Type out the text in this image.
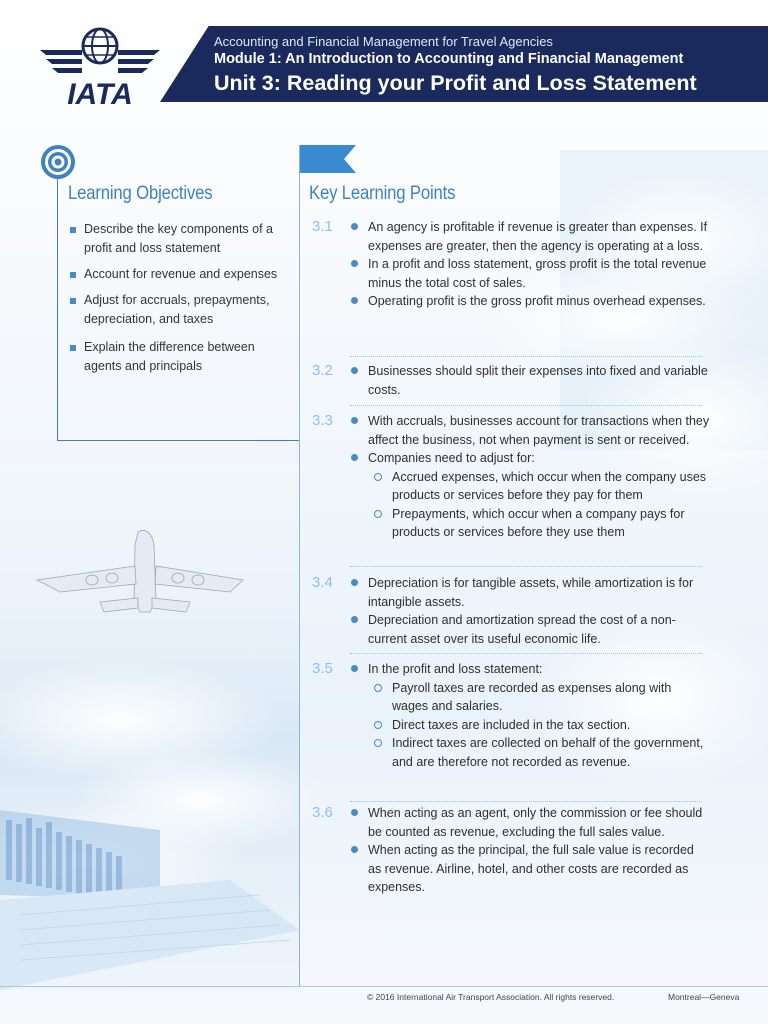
IATA
Accounting and Financial Management for Travel Agencies
Module 1: An Introduction to Accounting and Financial Management
Unit 3: Reading your Profit and Loss Statement
Learning Objectives
Describe the key components of a profit and loss statement
Account for revenue and expenses
Adjust for accruals, prepayments, depreciation, and taxes
Explain the difference between agents and principals
Key Learning Points
3.1	An agency is profitable if revenue is greater than expenses. If expenses are greater, then the agency is operating at a loss.
In a profit and loss statement, gross profit is the total revenue minus the total cost of sales.
Operating profit is the gross profit minus overhead expenses.
3.2	Businesses should split their expenses into fixed and variable costs.
3.3	With accruals, businesses account for transactions when they affect the business, not when payment is sent or received.
Companies need to adjust for:
Accrued expenses, which occur when the company uses products or services before they pay for them
Prepayments, which occur when a company pays for products or services before they use them
3.4	Depreciation is for tangible assets, while amortization is for intangible assets.
Depreciation and amortization spread the cost of a non-current asset over its useful economic life.
3.5	In the profit and loss statement:
Payroll taxes are recorded as expenses along with wages and salaries.
Direct taxes are included in the tax section.
Indirect taxes are collected on behalf of the government, and are therefore not recorded as revenue.
3.6	When acting as an agent, only the commission or fee should be counted as revenue, excluding the full sales value.
When acting as the principal, the full sale value is recorded as revenue. Airline, hotel, and other costs are recorded as expenses.
© 2016 International Air Transport Association. All rights reserved.	Montreal—Geneva
